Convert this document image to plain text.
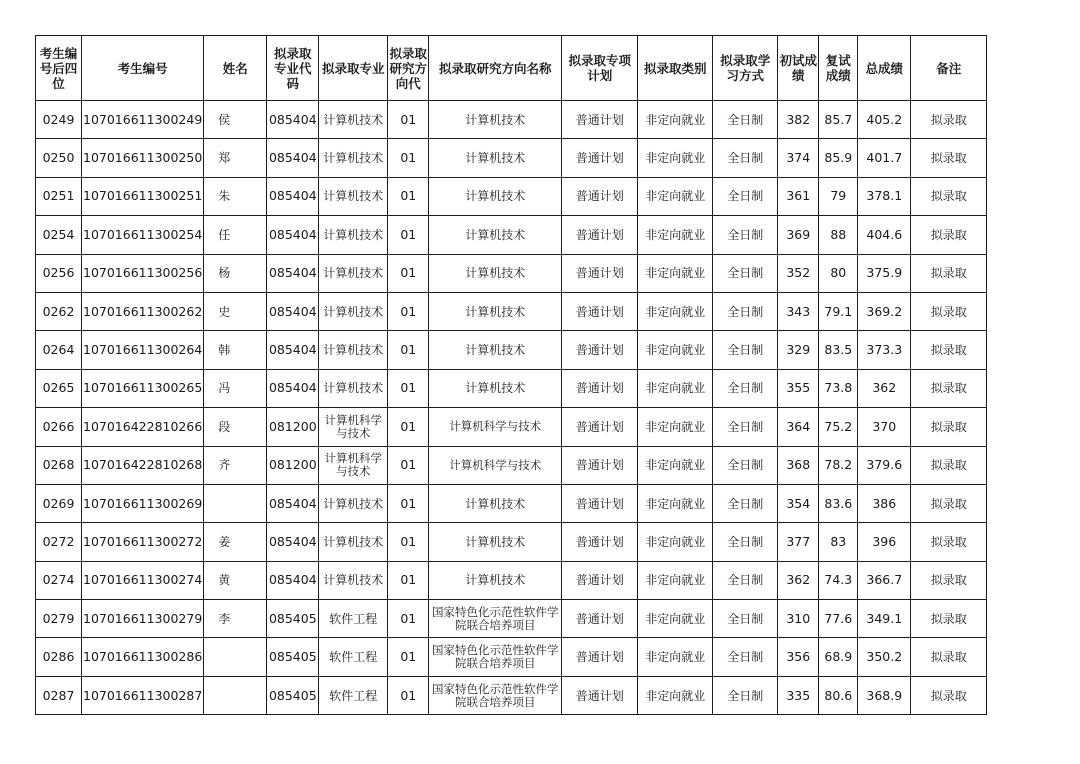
考生编号后四位	考生编号	姓名	拟录取专业代码	拟录取专业	拟录取研究方向代	拟录取研究方向名称	拟录取专项计划	拟录取类别	拟录取学习方式	初试成绩	复试成绩	总成绩	备注
0249	107016611300249	侯	085404	计算机技术	01	计算机技术	普通计划	非定向就业	全日制	382	85.7	405.2	拟录取
0250	107016611300250	郑	085404	计算机技术	01	计算机技术	普通计划	非定向就业	全日制	374	85.9	401.7	拟录取
0251	107016611300251	朱	085404	计算机技术	01	计算机技术	普通计划	非定向就业	全日制	361	79	378.1	拟录取
0254	107016611300254	任	085404	计算机技术	01	计算机技术	普通计划	非定向就业	全日制	369	88	404.6	拟录取
0256	107016611300256	杨	085404	计算机技术	01	计算机技术	普通计划	非定向就业	全日制	352	80	375.9	拟录取
0262	107016611300262	史	085404	计算机技术	01	计算机技术	普通计划	非定向就业	全日制	343	79.1	369.2	拟录取
0264	107016611300264	韩	085404	计算机技术	01	计算机技术	普通计划	非定向就业	全日制	329	83.5	373.3	拟录取
0265	107016611300265	冯	085404	计算机技术	01	计算机技术	普通计划	非定向就业	全日制	355	73.8	362	拟录取
0266	107016422810266	段	081200	计算机科学与技术	01	计算机科学与技术	普通计划	非定向就业	全日制	364	75.2	370	拟录取
0268	107016422810268	齐	081200	计算机科学与技术	01	计算机科学与技术	普通计划	非定向就业	全日制	368	78.2	379.6	拟录取
0269	107016611300269		085404	计算机技术	01	计算机技术	普通计划	非定向就业	全日制	354	83.6	386	拟录取
0272	107016611300272	姜	085404	计算机技术	01	计算机技术	普通计划	非定向就业	全日制	377	83	396	拟录取
0274	107016611300274	黄	085404	计算机技术	01	计算机技术	普通计划	非定向就业	全日制	362	74.3	366.7	拟录取
0279	107016611300279	李	085405	软件工程	01	国家特色化示范性软件学院联合培养项目	普通计划	非定向就业	全日制	310	77.6	349.1	拟录取
0286	107016611300286		085405	软件工程	01	国家特色化示范性软件学院联合培养项目	普通计划	非定向就业	全日制	356	68.9	350.2	拟录取
0287	107016611300287		085405	软件工程	01	国家特色化示范性软件学院联合培养项目	普通计划	非定向就业	全日制	335	80.6	368.9	拟录取
